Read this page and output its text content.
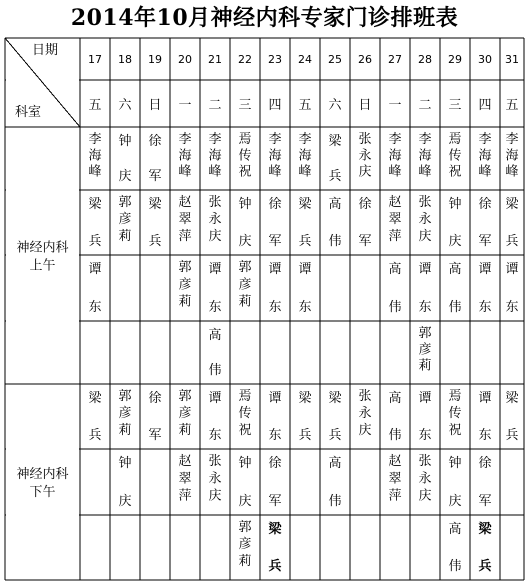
2014年10月神经内科专家门诊排班表
日期
科室
17 18 19 20 21 22 23 24 25 26 27 28 29 30 31
五 六 日 一 二 三 四 五 六 日 一 二 三 四 五
神经内科
上午
神经内科
下午
李
海
峰
钟
庆
徐
军
李
海
峰
李
海
峰
焉
传
祝
李
海
峰
李
海
峰
梁
兵
张
永
庆
李
海
峰
李
海
峰
焉
传
祝
李
海
峰
李
海
峰
梁
兵
郭
彦
莉
梁
兵
赵
翠
萍
张
永
庆
钟
庆
徐
军
梁
兵
高
伟
徐
军
赵
翠
萍
张
永
庆
钟
庆
徐
军
梁
兵
谭
东
郭
彦
莉
谭
东
郭
彦
莉
谭
东
谭
东
高
伟
谭
东
高
伟
谭
东
谭
东
高
伟
郭
彦
莉
梁
兵
郭
彦
莉
徐
军
郭
彦
莉
谭
东
焉
传
祝
谭
东
梁
兵
梁
兵
张
永
庆
高
伟
谭
东
焉
传
祝
谭
东
梁
兵
钟
庆
赵
翠
萍
张
永
庆
钟
庆
徐
军
高
伟
赵
翠
萍
张
永
庆
钟
庆
徐
军
郭
彦
莉
梁
兵
高
伟
梁
兵
